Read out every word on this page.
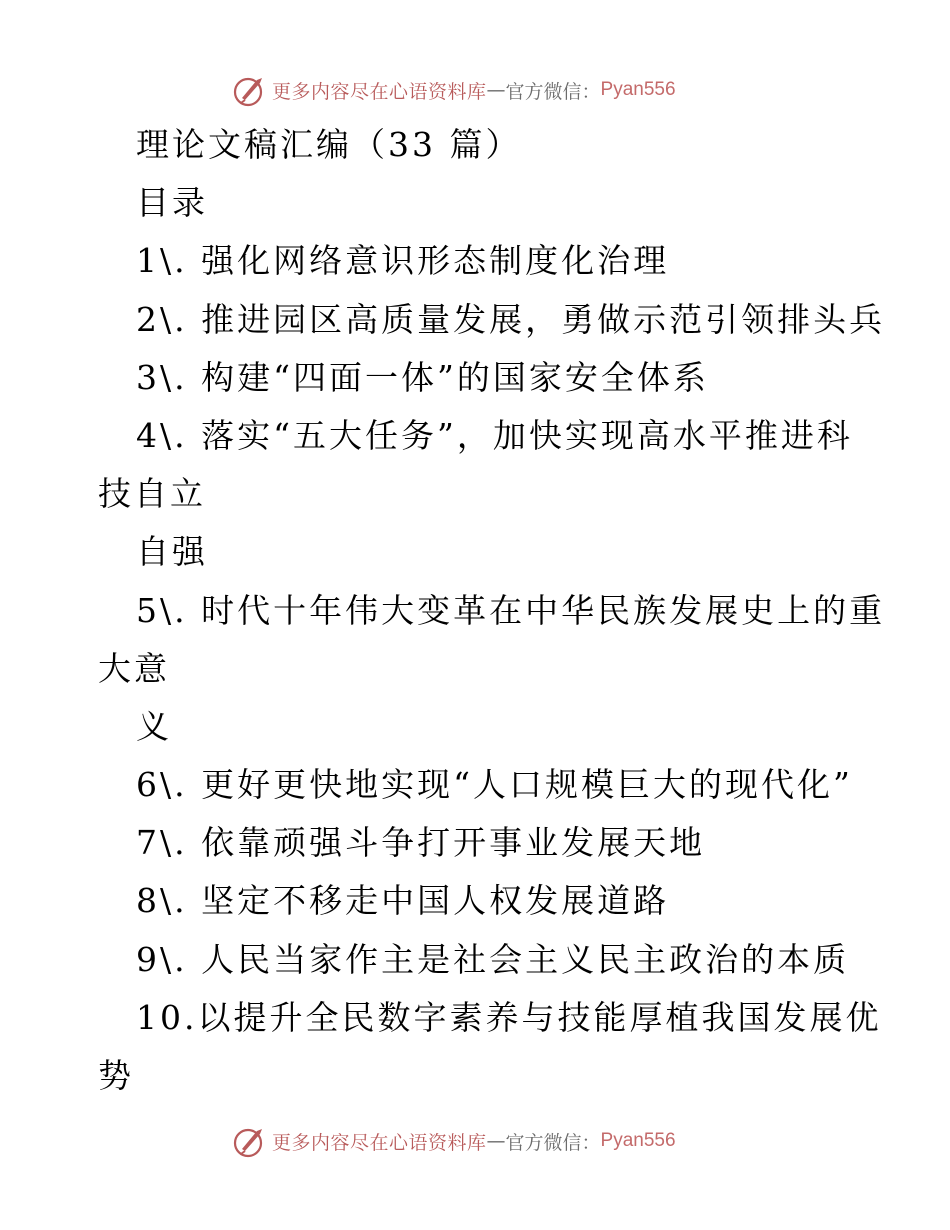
更多内容尽在心语资料库 — 官方微信： Pyan556
理论文稿汇编（33 篇）
目录
1\. 强化网络意识形态制度化治理
2\. 推进园区高质量发展，勇做示范引领排头兵
3\. 构建“四面一体”的国家安全体系
4\. 落实“五大任务”，加快实现高水平推进科
技自立
自强
5\. 时代十年伟大变革在中华民族发展史上的重
大意
义
6\. 更好更快地实现“人口规模巨大的现代化”
7\. 依靠顽强斗争打开事业发展天地
8\. 坚定不移走中国人权发展道路
9\. 人民当家作主是社会主义民主政治的本质
10.以提升全民数字素养与技能厚植我国发展优
势
更多内容尽在心语资料库 — 官方微信： Pyan556
